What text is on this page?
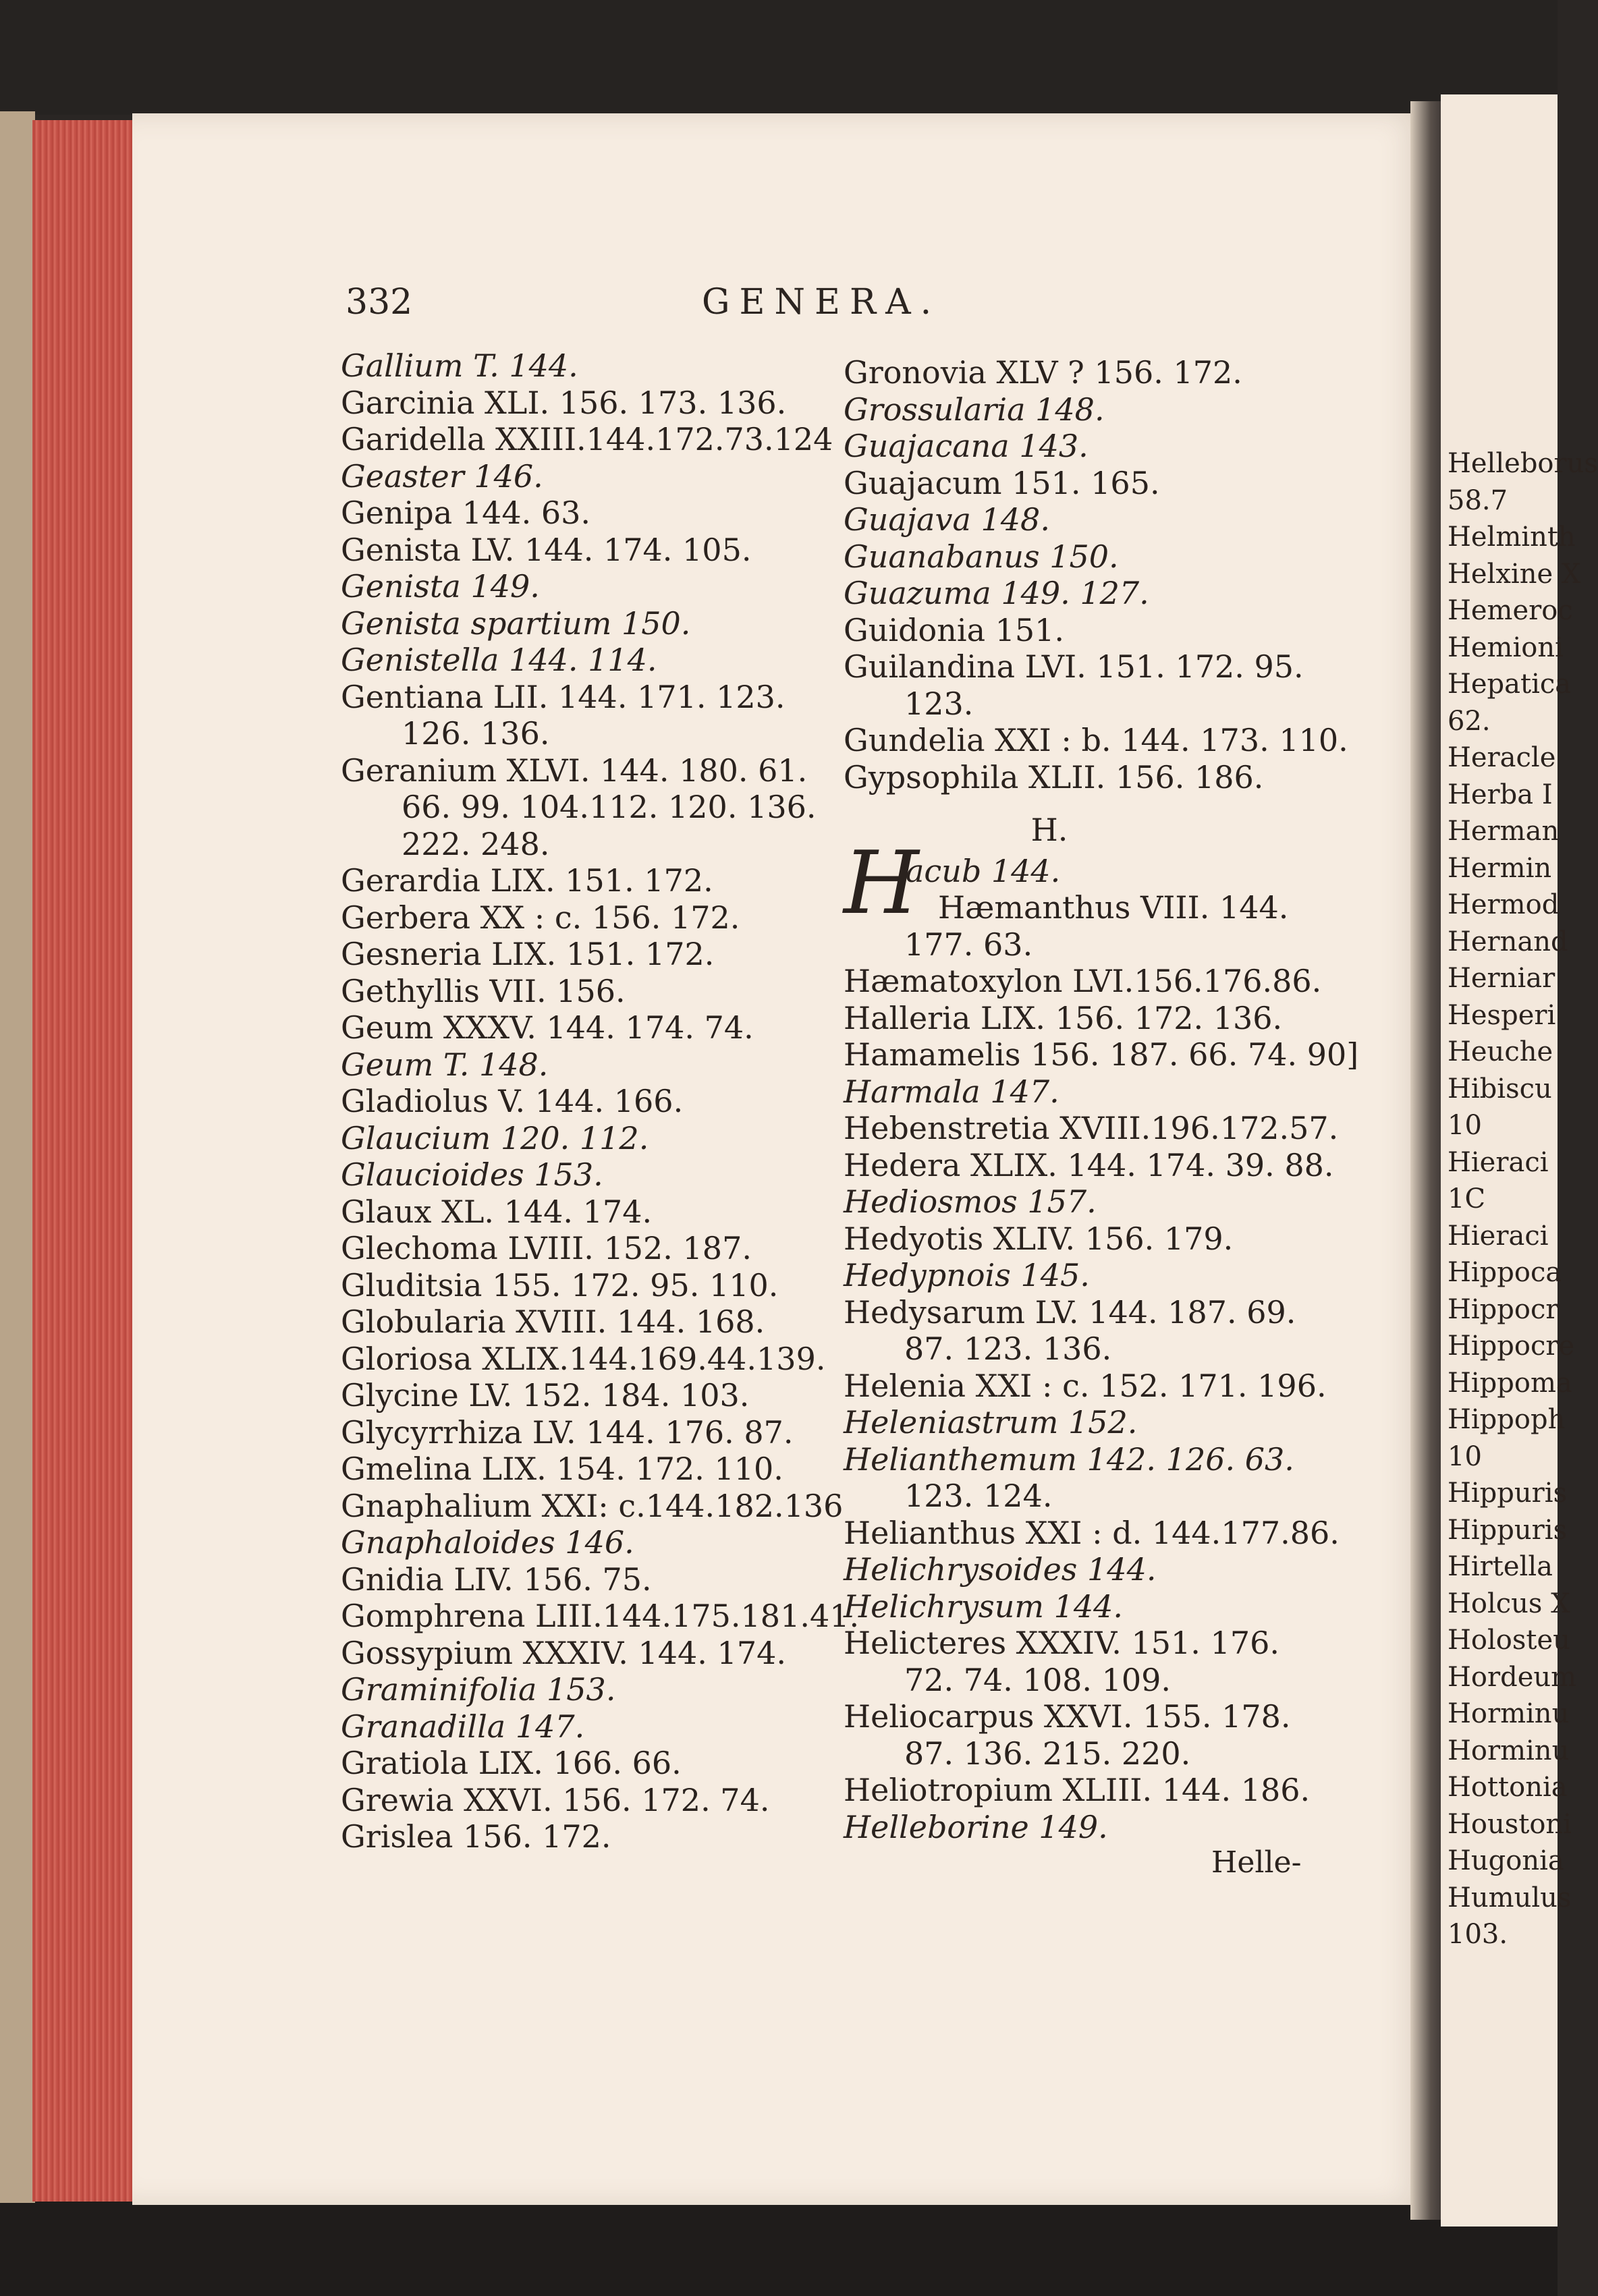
Helleborus
58.7
Helminth
Helxine X
Hemeroc
Hemioni
Hepatica
62.
Heracle
Herba I
Herman
Hermin
Hermod
Hernand
Herniar
Hesperi
Heuche
Hibiscu
10
Hieraci
1C
Hieraci
Hippoca
Hippocr
Hippocre
Hippoma
Hippoph
10
Hippuris
Hippuris
Hirtella
Holcus X
Holosteu
Hordeum
Horminu
Horminu
Hottonia
Houstoni
Hugonia
Humulus
103.
332	GENERA.
Gallium T. 144.
Garcinia XLI. 156. 173. 136.
Garidella XXIII.144.172.73.124
Geaster 146.
Genipa 144. 63.
Genista LV. 144. 174. 105.
Genista 149.
Genista spartium 150.
Genistella 144. 114.
Gentiana LII. 144. 171. 123.
126. 136.
Geranium XLVI. 144. 180. 61.
66. 99. 104.112. 120. 136.
222. 248.
Gerardia LIX. 151. 172.
Gerbera XX : c. 156. 172.
Gesneria LIX. 151. 172.
Gethyllis VII. 156.
Geum XXXV. 144. 174. 74.
Geum T. 148.
Gladiolus V. 144. 166.
Glaucium 120. 112.
Glaucioides 153.
Glaux XL. 144. 174.
Glechoma LVIII. 152. 187.
Gluditsia 155. 172. 95. 110.
Globularia XVIII. 144. 168.
Gloriosa XLIX.144.169.44.139.
Glycine LV. 152. 184. 103.
Glycyrrhiza LV. 144. 176. 87.
Gmelina LIX. 154. 172. 110.
Gnaphalium XXI: c.144.182.136
Gnaphaloides 146.
Gnidia LIV. 156. 75.
Gomphrena LIII.144.175.181.41.
Gossypium XXXIV. 144. 174.
Graminifolia 153.
Granadilla 147.
Gratiola LIX. 166. 66.
Grewia XXVI. 156. 172. 74.
Grislea 156. 172.
Gronovia XLV ? 156. 172.
Grossularia 148.
Guajacana 143.
Guajacum 151. 165.
Guajava 148.
Guanabanus 150.
Guazuma 149. 127.
Guidonia 151.
Guilandina LVI. 151. 172. 95.
123.
Gundelia XXI : b. 144. 173. 110.
Gypsophila XLII. 156. 186.
H.
H
acub 144.
Hæmanthus VIII. 144.
177. 63.
Hæmatoxylon LVI.156.176.86.
Halleria LIX. 156. 172. 136.
Hamamelis 156. 187. 66. 74. 90]
Harmala 147.
Hebenstretia XVIII.196.172.57.
Hedera XLIX. 144. 174. 39. 88.
Hediosmos 157.
Hedyotis XLIV. 156. 179.
Hedypnois 145.
Hedysarum LV. 144. 187. 69.
87. 123. 136.
Helenia XXI : c. 152. 171. 196.
Heleniastrum 152.
Helianthemum 142. 126. 63.
123. 124.
Helianthus XXI : d. 144.177.86.
Helichrysoides 144.
Helichrysum 144.
Helicteres XXXIV. 151. 176.
72. 74. 108. 109.
Heliocarpus XXVI. 155. 178.
87. 136. 215. 220.
Heliotropium XLIII. 144. 186.
Helleborine 149.
Helle-
